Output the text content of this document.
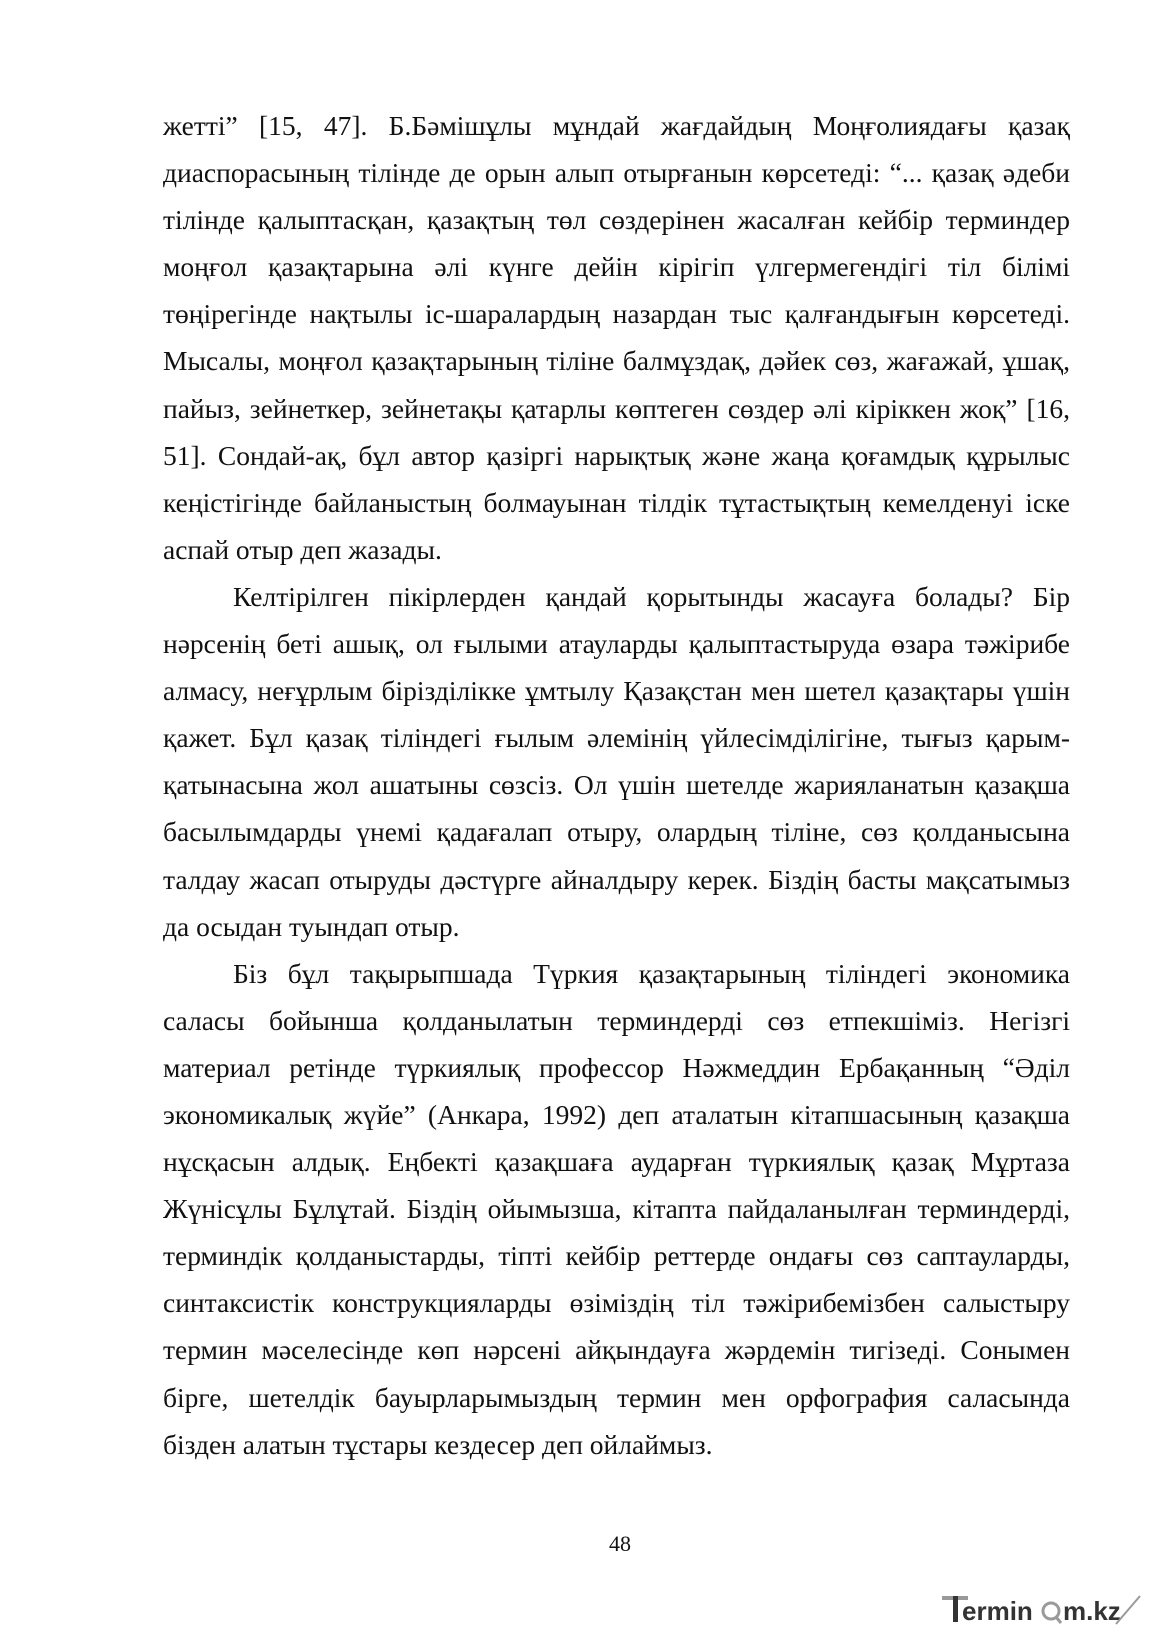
жетті” [15, 47]. Б.Бәмішұлы мұндай жағдайдың Моңғолиядағы қазақ диаспорасының тілінде де орын алып отырғанын көрсетеді: “... қазақ әдеби тілінде қалыптасқан, қазақтың төл сөздерінен жасалған кейбір терминдер моңғол қазақтарына әлі күнге дейін кірігіп үлгермегендігі тіл білімі төңірегінде нақтылы іс-шаралардың назардан тыс қалғандығын көрсетеді. Мысалы, моңғол қазақтарының тіліне балмұздақ, дәйек сөз, жағажай, ұшақ, пайыз, зейнеткер, зейнетақы қатарлы көптеген сөздер әлі кіріккен жоқ” [16, 51]. Сондай-ақ, бұл автор қазіргі нарықтық және жаңа қоғамдық құрылыс кеңістігінде байланыстың болмауынан тілдік тұтастықтың кемелденуі іске аспай отыр деп жазады.

Келтірілген пікірлерден қандай қорытынды жасауға болады? Бір нәрсенің беті ашық, ол ғылыми атауларды қалыптастыруда өзара тәжірибе алмасу, неғұрлым бірізділікке ұмтылу Қазақстан мен шетел қазақтары үшін қажет. Бұл қазақ тіліндегі ғылым әлемінің үйлесімділігіне, тығыз қарым-қатынасына жол ашатыны сөзсіз. Ол үшін шетелде жарияланатын қазақша басылымдарды үнемі қадағалап отыру, олардың тіліне, сөз қолданысына талдау жасап отыруды дәстүрге айналдыру керек. Біздің басты мақсатымыз да осыдан туындап отыр.

Біз бұл тақырыпшада Түркия қазақтарының тіліндегі экономика саласы бойынша қолданылатын терминдерді сөз етпекшіміз. Негізгі материал ретінде түркиялық профессор Нәжмеддин Ербақанның “Әділ экономикалық жүйе” (Анкара, 1992) деп аталатын кітапшасының қазақша нұсқасын алдық. Еңбекті қазақшаға аударған түркиялық қазақ Мұртаза Жүнісұлы Бұлұтай. Біздің ойымызша, кітапта пайдаланылған терминдерді, терминдік қолданыстарды, тіпті кейбір реттерде ондағы сөз саптауларды, синтаксистік конструкцияларды өзіміздің тіл тәжірибемізбен салыстыру термин мәселесінде көп нәрсені айқындауға жәрдемін тигізеді. Сонымен бірге, шетелдік бауырларымыздың термин мен орфография саласында бізден алатын тұстары кездесер деп ойлаймыз.

48
ermin m.kz
